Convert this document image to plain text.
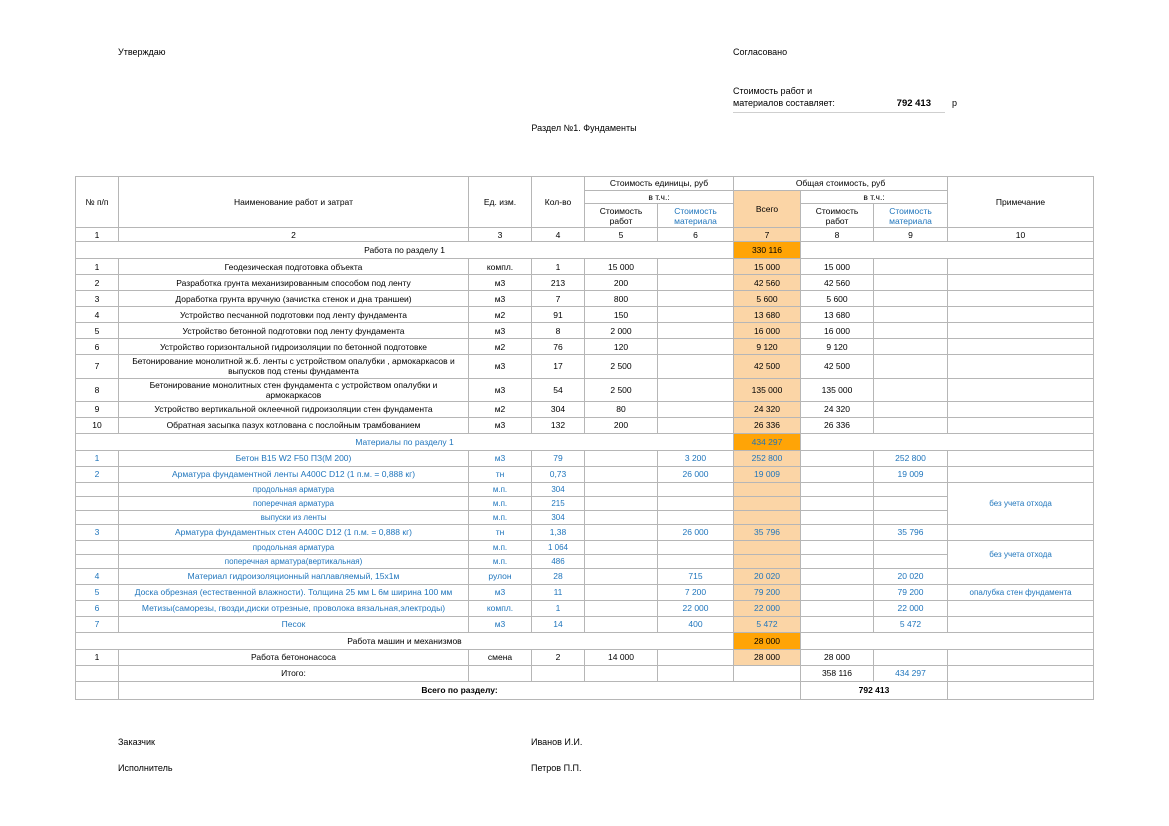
Утверждаю	Согласовано
Стоимость работ и
материалов составляет:	792 413	р
Раздел №1. Фундаменты
№ п/п	Наименование работ и затрат	Ед. изм.	Кол-во	Стоимость единицы, руб		Общая стоимость, руб			Примечание
				в т.ч.:		Всего	в т.ч.:		
				Стоимость работ	Стоимость материала		Стоимость работ	Стоимость материала	
1	2	3	4	5	6	7	8	9	10
Работа по разделу 1						330 116			
1	Геодезическая подготовка объекта	компл.	1	15 000		15 000	15 000		
2	Разработка грунта механизированным способом под ленту	м3	213	200		42 560	42 560		
3	Доработка грунта вручную (зачистка стенок и дна траншеи)	м3	7	800		5 600	5 600		
4	Устройство песчанной подготовки под ленту фундамента	м2	91	150		13 680	13 680		
5	Устройство бетонной подготовки под ленту фундамента	м3	8	2 000		16 000	16 000		
6	Устройство горизонтальной гидроизоляции по бетонной подготовке	м2	76	120		9 120	9 120		
7	Бетонирование монолитной ж.б. ленты с устройством опалубки , армокаркасов и выпусков под стены фундамента	м3	17	2 500		42 500	42 500		
8	Бетонирование монолитных стен фундамента с устройством опалубки и армокаркасов	м3	54	2 500		135 000	135 000		
9	Устройство вертикальной оклеечной гидроизоляции стен фундамента	м2	304	80		24 320	24 320		
10	Обратная засыпка пазух котлована с послойным трамбованием	м3	132	200		26 336	26 336		
Материалы по разделу 1						434 297			
1	Бетон B15 W2 F50 ПЗ(М 200)	м3	79		3 200	252 800		252 800	
2	Арматура фундаментной ленты А400С D12 (1 п.м. = 0,888 кг)	тн	0,73		26 000	19 009		19 009	
	продольная арматура	м.п.	304						без учета отхода
	поперечная арматура	м.п.	215						
	выпуски из ленты	м.п.	304						
3	Арматура фундаментных стен А400С D12 (1 п.м. = 0,888 кг)	тн	1,38		26 000	35 796		35 796	
	продольная арматура	м.п.	1 064						без учета отхода
	поперечная арматура(вертикальная)	м.п.	486						
4	Материал гидроизоляционный наплавляемый, 15х1м	рулон	28		715	20 020		20 020	
5	Доска обрезная (естественной влажности). Толщина 25 мм L 6м ширина 100 мм	м3	11		7 200	79 200		79 200	опалубка стен фундамента
6	Метизы(саморезы, гвозди,диски отрезные, проволока вязальная,электроды)	компл.	1		22 000	22 000		22 000	
7	Песок	м3	14		400	5 472		5 472	
Работа машин и механизмов						28 000			
1	Работа бетононасоса	смена	2	14 000		28 000	28 000		
	Итого:						358 116	434 297	
	Всего по разделу:						792 413		
Заказчик	Иванов И.И.
Исполнитель	Петров П.П.
